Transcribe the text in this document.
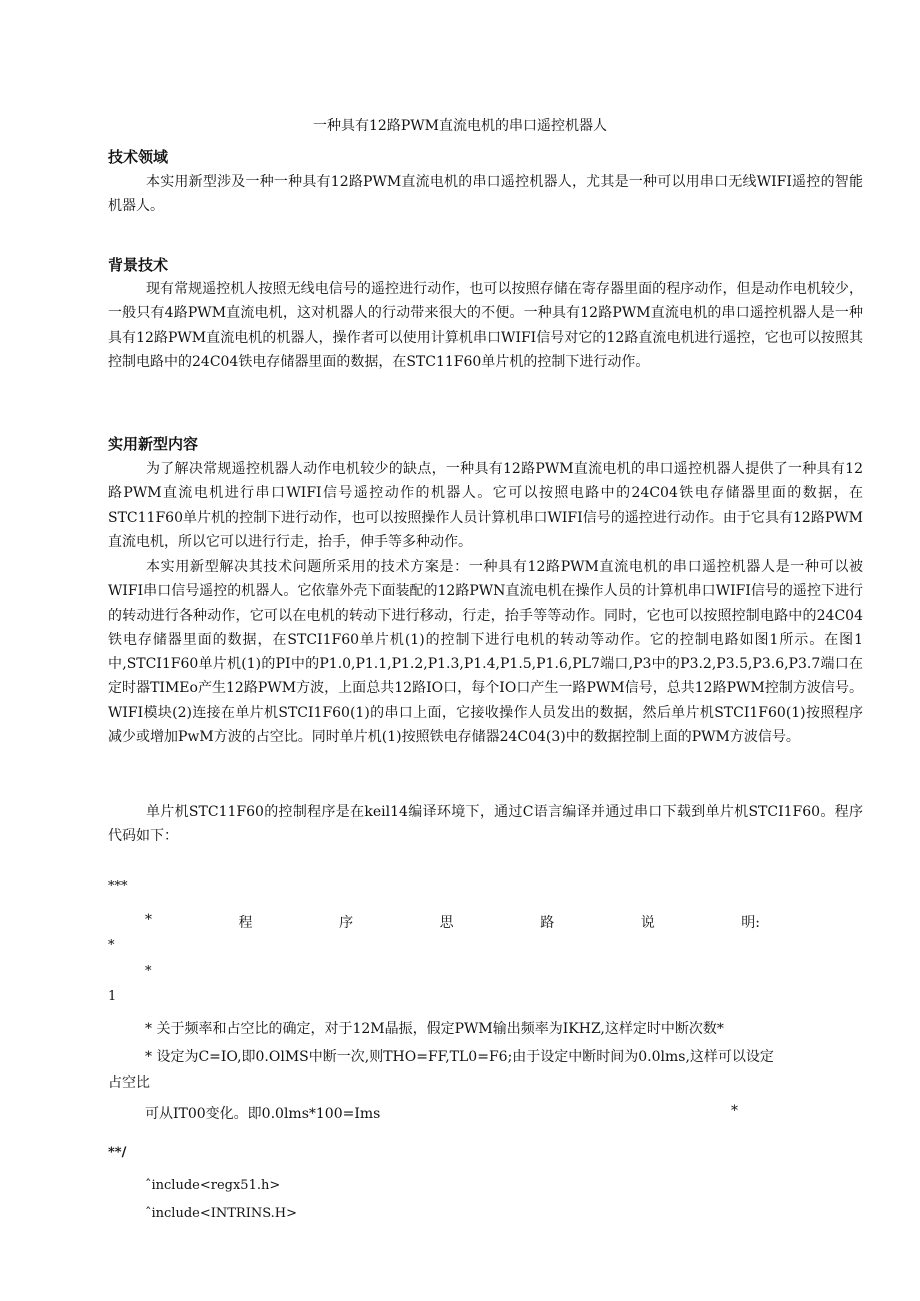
一种具有12路PWM直流电机的串口遥控机器人
技术领域

本实用新型涉及一种一种具有12路PWM直流电机的串口遥控机器人，尤其是一种可以用串口无线WIFI遥控的智能机器人。

背景技术

现有常规遥控机人按照无线电信号的遥控进行动作，也可以按照存储在寄存器里面的程序动作，但是动作电机较少，一般只有4路PWM直流电机，这对机器人的行动带来很大的不便。一种具有12路PWM直流电机的串口遥控机器人是一种具有12路PWM直流电机的机器人，操作者可以使用计算机串口WIFI信号对它的12路直流电机进行遥控，它也可以按照其控制电路中的24C04铁电存储器里面的数据，在STC11F60单片机的控制下进行动作。

实用新型内容

为了解决常规遥控机器人动作电机较少的缺点，一种具有12路PWM直流电机的串口遥控机器人提供了一种具有12路PWM直流电机进行串口WIFI信号遥控动作的机器人。它可以按照电路中的24C04铁电存储器里面的数据，在STC11F60单片机的控制下进行动作，也可以按照操作人员计算机串口WIFI信号的遥控进行动作。由于它具有12路PWM直流电机，所以它可以进行行走，抬手，伸手等多种动作。

本实用新型解决其技术问题所采用的技术方案是：一种具有12路PWM直流电机的串口遥控机器人是一种可以被WIFI串口信号遥控的机器人。它依靠外壳下面装配的12路PWN直流电机在操作人员的计算机串口WIFI信号的遥控下进行的转动进行各种动作，它可以在电机的转动下进行移动，行走，抬手等等动作。同时，它也可以按照控制电路中的24C04铁电存储器里面的数据，在STCI1F60单片机(1)的控制下进行电机的转动等动作。它的控制电路如图1所示。在图1中,STCI1F60单片机(1)的PI中的P1.0,P1.1,P1.2,P1.3,P1.4,P1.5,P1.6,PL7端口,P3中的P3.2,P3.5,P3.6,P3.7端口在定时器TIMEo产生12路PWM方波，上面总共12路IO口，每个IO口产生一路PWM信号，总共12路PWM控制方波信号。WIFI模块(2)连接在单片机STCI1F60(1)的串口上面，它接收操作人员发出的数据，然后单片机STCI1F60(1)按照程序减少或增加PwM方波的占空比。同时单片机(1)按照铁电存储器24C04(3)中的数据控制上面的PWM方波信号。

单片机STC11F60的控制程序是在keil14编译环境下，通过C语言编译并通过串口下载到单片机STCI1F60。程序代码如下：

***
*	程	序	思	路	说	明:
*
*
1
* 关于频率和占空比的确定，对于12M晶振，假定PWM输出频率为IKHZ,这样定时中断次数*
* 设定为C=IO,即0.OlMS中断一次,则THO=FF,TL0=F6;由于设定中断时间为0.0lms,这样可以设定
占空比
可从IT00变化。即0.0lms*100=Ims	*
**/
ˆinclude<regx51.h>
ˆinclude<INTRINS.H>
